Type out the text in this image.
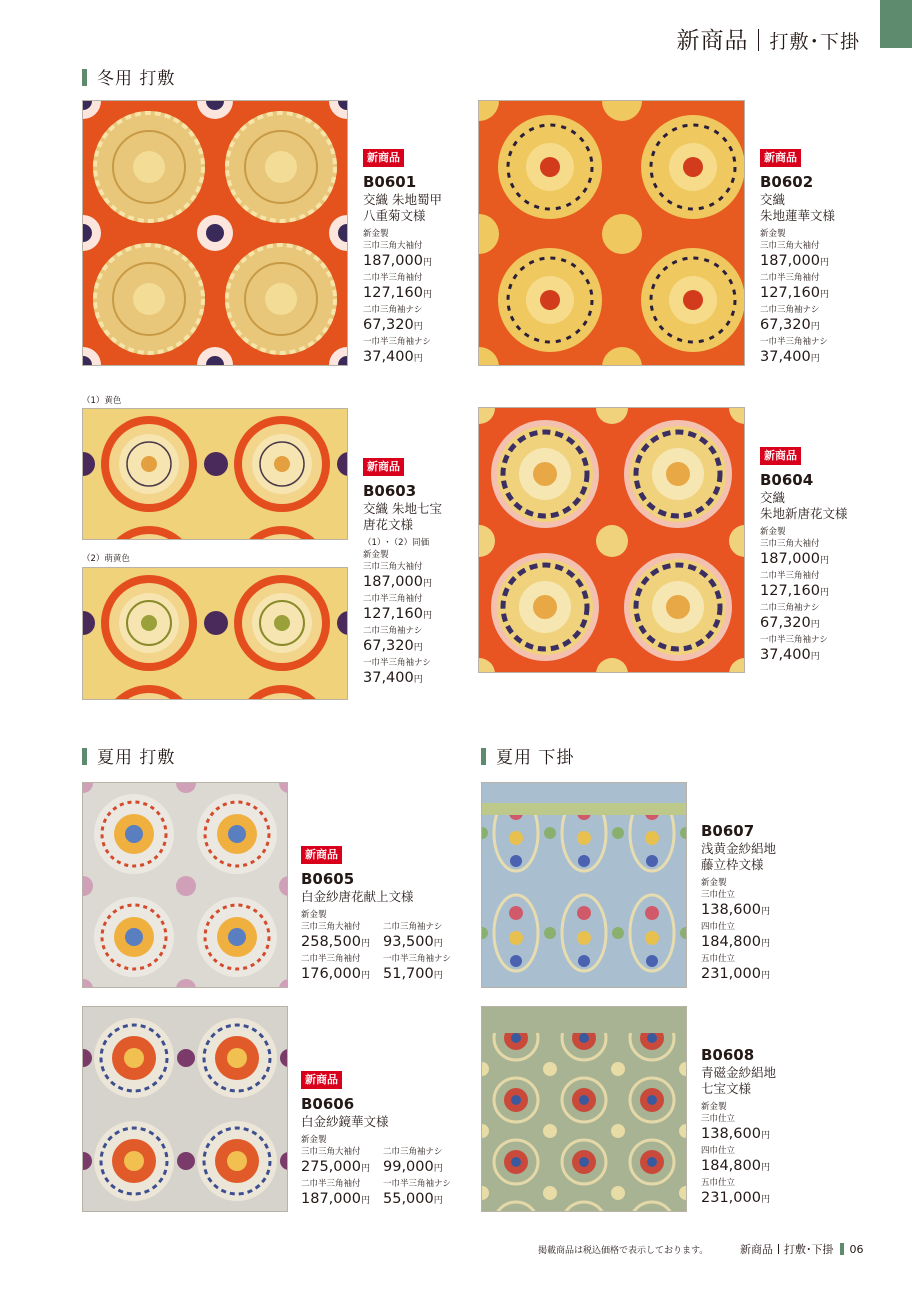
新商品 打敷･下掛
冬用 打敷
新商品
B0601
交織 朱地蜀甲
八重菊文様
新金製
三巾三角大袖付
187,000円
二巾半三角袖付
127,160円
二巾三角袖ナシ
67,320円
一巾半三角袖ナシ
37,400円
新商品
B0602
交織
朱地蓮華文様
新金製
三巾三角大袖付
187,000円
二巾半三角袖付
127,160円
二巾三角袖ナシ
67,320円
一巾半三角袖ナシ
37,400円
（1）黄色
（2）萌黄色
新商品
B0603
交織 朱地七宝
唐花文様
（1）･（2）同価
新金製
三巾三角大袖付
187,000円
二巾半三角袖付
127,160円
二巾三角袖ナシ
67,320円
一巾半三角袖ナシ
37,400円
新商品
B0604
交織
朱地新唐花文様
新金製
三巾三角大袖付
187,000円
二巾半三角袖付
127,160円
二巾三角袖ナシ
67,320円
一巾半三角袖ナシ
37,400円
夏用 打敷	夏用 下掛
新商品
B0605
白金紗唐花献上文様
新金製
三巾三角大袖付
258,500円
二巾半三角袖付
176,000円
二巾三角袖ナシ
93,500円
一巾半三角袖ナシ
51,700円
新商品
B0606
白金紗鏡華文様
新金製
三巾三角大袖付
275,000円
二巾半三角袖付
187,000円
二巾三角袖ナシ
99,000円
一巾半三角袖ナシ
55,000円
B0607
浅黄金紗絽地
藤立枠文様
新金製
三巾仕立
138,600円
四巾仕立
184,800円
五巾仕立
231,000円
B0608
青磁金紗絽地
七宝文様
新金製
三巾仕立
138,600円
四巾仕立
184,800円
五巾仕立
231,000円
掲載商品は税込価格で表示しております。	新商品 打敷･下掛 06
